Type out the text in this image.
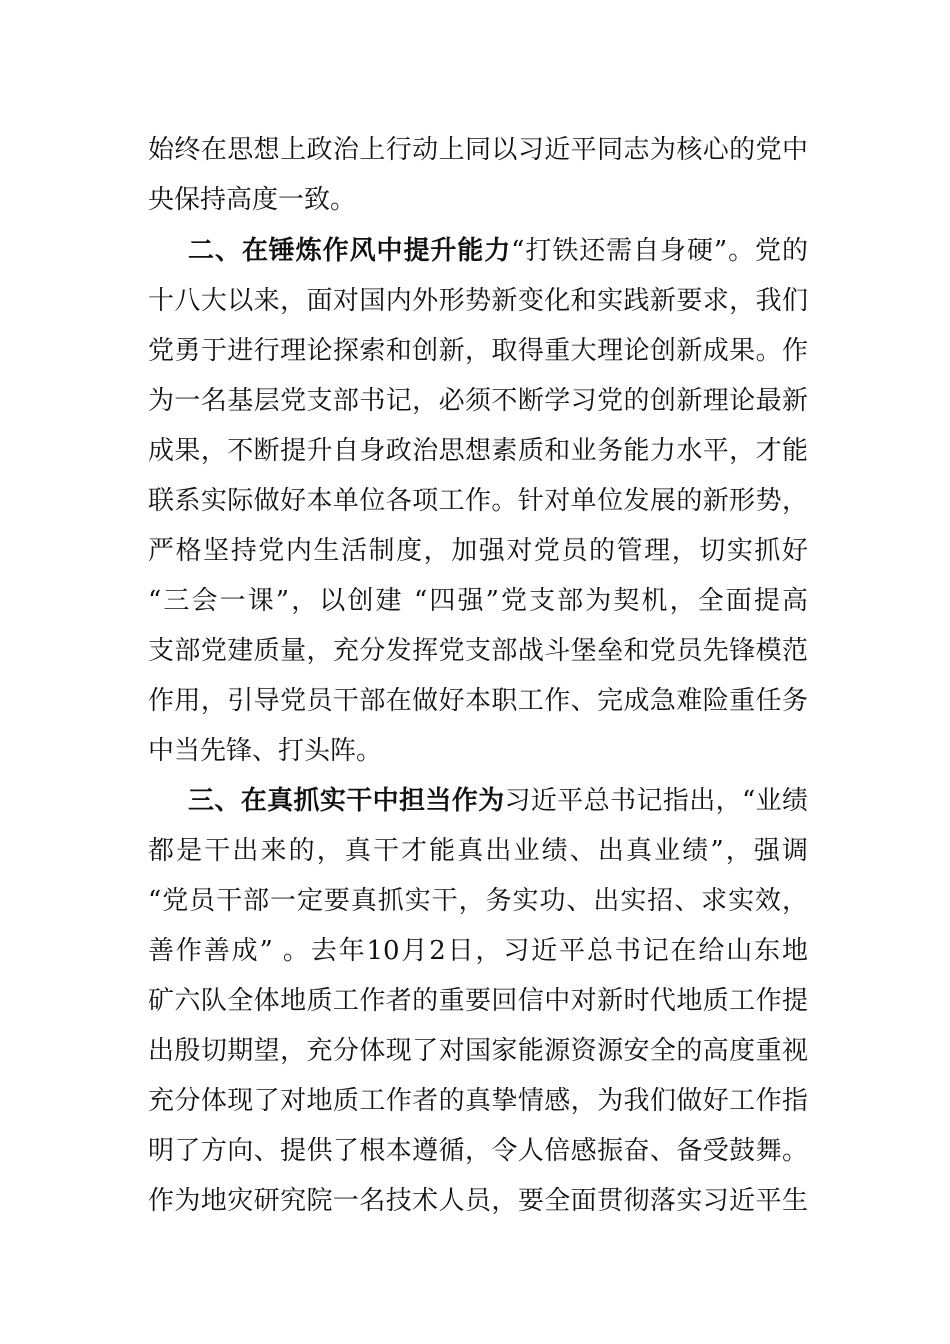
始终在思想上政治上行动上同以习近平同志为核心的党中
央保持高度一致。
二、在锤炼作风中提升能力“打铁还需自身硬”。党的
十八大以来，面对国内外形势新变化和实践新要求，我们
党勇于进行理论探索和创新，取得重大理论创新成果。作
为一名基层党支部书记，必须不断学习党的创新理论最新
成果，不断提升自身政治思想素质和业务能力水平，才能
联系实际做好本单位各项工作。针对单位发展的新形势，
严格坚持党内生活制度，加强对党员的管理，切实抓好
“三会一课”，以创建 “四强”党支部为契机，全面提高
支部党建质量，充分发挥党支部战斗堡垒和党员先锋模范
作用，引导党员干部在做好本职工作、完成急难险重任务
中当先锋、打头阵。
三、在真抓实干中担当作为习近平总书记指出，“业绩
都是干出来的，真干才能真出业绩、出真业绩”，强调
“党员干部一定要真抓实干，务实功、出实招、求实效，
善作善成” 。去年10月2日，习近平总书记在给山东地
矿六队全体地质工作者的重要回信中对新时代地质工作提
出殷切期望，充分体现了对国家能源资源安全的高度重视
充分体现了对地质工作者的真挚情感，为我们做好工作指
明了方向、提供了根本遵循，令人倍感振奋、备受鼓舞。
作为地灾研究院一名技术人员，要全面贯彻落实习近平生
